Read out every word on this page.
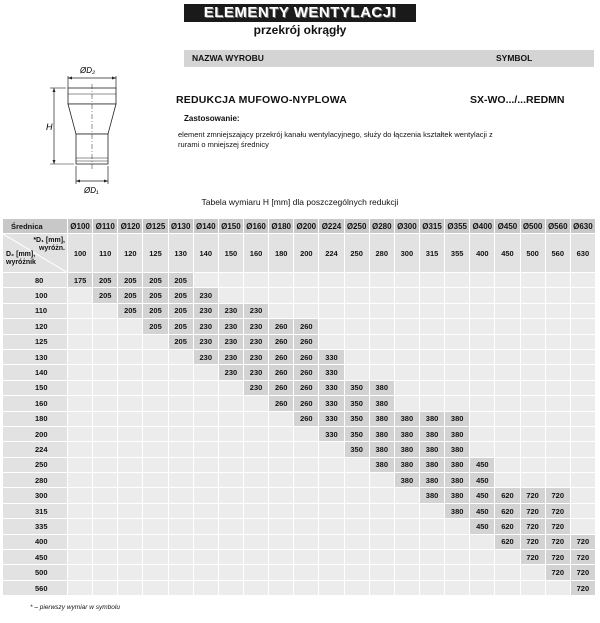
ELEMENTY WENTYLACJI
przekrój okrągły
NAZWA WYROBU	SYMBOL
ØD₂
H
ØD₁
REDUKCJA MUFOWO-NYPLOWA	SX-WO.../...REDMN
Zastosowanie:
element zmniejszający przekrój kanału wentylacyjnego, służy do łączenia kształtek wentylacji z rurami o mniejszej średnicy
Tabela wymiaru H [mm] dla poszczególnych redukcji
Średnica	Ø100	Ø110	Ø120	Ø125	Ø130	Ø140	Ø150	Ø160	Ø180	Ø200	Ø224	Ø250	Ø280	Ø300	Ø315	Ø355	Ø400	Ø450	Ø500	Ø560	Ø630

*D₁ [mm],
wyróżn.
D₂ [mm],
wyróżnik	100	110	120	125	130	140	150	160	180	200	224	250	280	300	315	355	400	450	500	560	630
80	175	205	205	205	205																
100		205	205	205	205	230															
110			205	205	205	230	230	230													
120				205	205	230	230	230	260	260											
125					205	230	230	230	260	260											
130						230	230	230	260	260	330										
140							230	230	260	260	330										
150								230	260	260	330	350	380								
160									260	260	330	350	380								
180										260	330	350	380	380	380	380					
200											330	350	380	380	380	380					
224												350	380	380	380	380					
250													380	380	380	380	450				
280														380	380	380	450				
300															380	380	450	620	720	720	
315																380	450	620	720	720	
335																	450	620	720	720	
400																		620	720	720	720
450																			720	720	720
500																				720	720
560																					720
* – pierwszy wymiar w symbolu
